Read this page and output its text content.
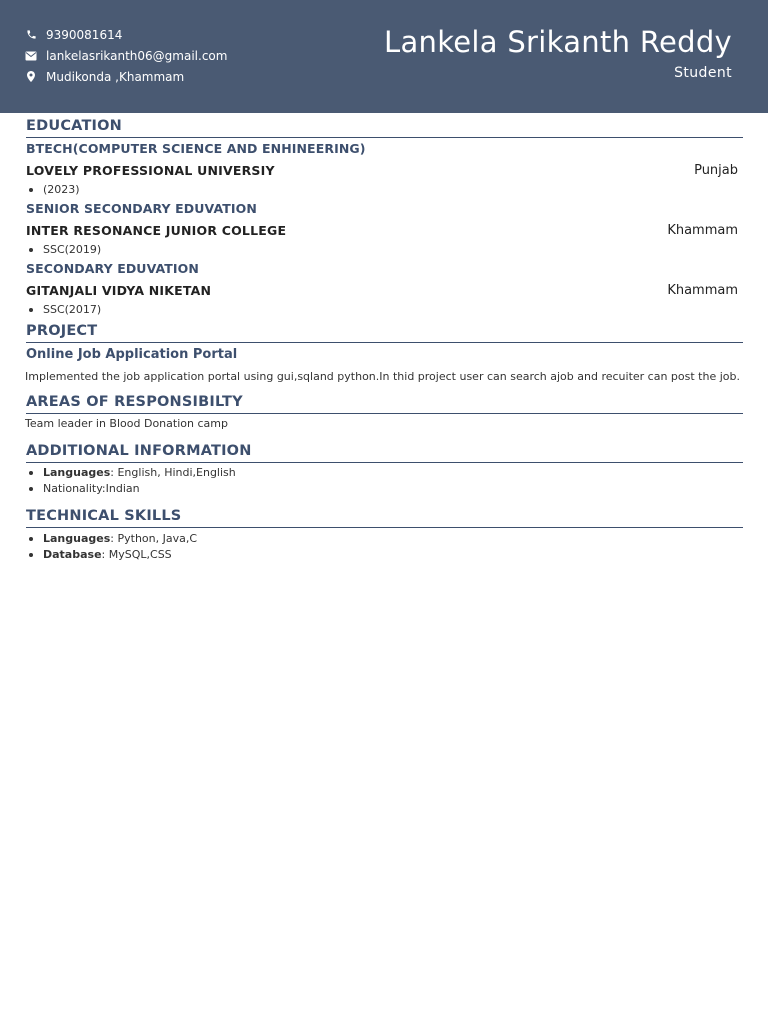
9390081614
lankelasrikanth06@gmail.com
Mudikonda ,Khammam
Lankela Srikanth Reddy
Student
EDUCATION
BTECH(COMPUTER SCIENCE AND ENHINEERING)
LOVELY PROFESSIONAL UNIVERSIY	Punjab
(2023)
SENIOR SECONDARY EDUVATION
INTER RESONANCE JUNIOR COLLEGE	Khammam
SSC(2019)
SECONDARY EDUVATION
GITANJALI VIDYA NIKETAN	Khammam
SSC(2017)
PROJECT
Online Job Application Portal
Implemented the job application portal using gui,sqland python.In thid project user can search ajob and recuiter can post the job.
AREAS OF RESPONSIBILTY
Team leader in Blood Donation camp
ADDITIONAL INFORMATION
Languages: English, Hindi,English
Nationality:Indian
TECHNICAL SKILLS
Languages: Python, Java,C
Database: MySQL,CSS
